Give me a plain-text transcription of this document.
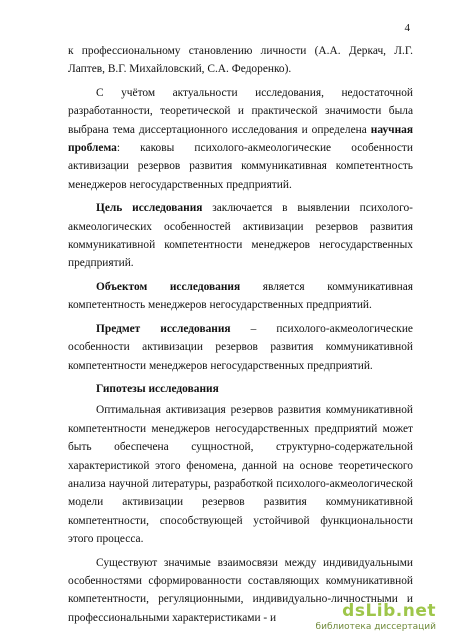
4

к профессиональному становлению личности (А.А. Деркач, Л.Г. Лаптев, В.Г. Михайловский, С.А. Федоренко).

С учётом актуальности исследования, недостаточной разработанности, теоретической и практической значимости была выбрана тема диссертационного исследования и определена научная проблема: каковы психолого-акмеологические особенности активизации резервов развития коммуникативная компетентность менеджеров негосударственных предприятий.

Цель исследования заключается в выявлении психолого-акмеологических особенностей активизации резервов развития коммуникативной компетентности менеджеров негосударственных предприятий.

Объектом исследования является коммуникативная компетентность менеджеров негосударственных предприятий.

Предмет исследования – психолого-акмеологические особенности активизации резервов развития коммуникативной компетентности менеджеров негосударственных предприятий.

Гипотезы исследования

Оптимальная активизация резервов развития коммуникативной компетентности менеджеров негосударственных предприятий может быть обеспечена сущностной, структурно-содержательной характеристикой этого феномена, данной на основе теоретического анализа научной литературы, разработкой психолого-акмеологической модели активизации резервов развития коммуникативной компетентности, способствующей устойчивой функциональности этого процесса.

Существуют значимые взаимосвязи между индивидуальными особенностями сформированности составляющих коммуникативной компетентности, регуляционными, индивидуально-личностными и профессиональными характеристиками - и	dsLib.net
библиотека диссертаций
